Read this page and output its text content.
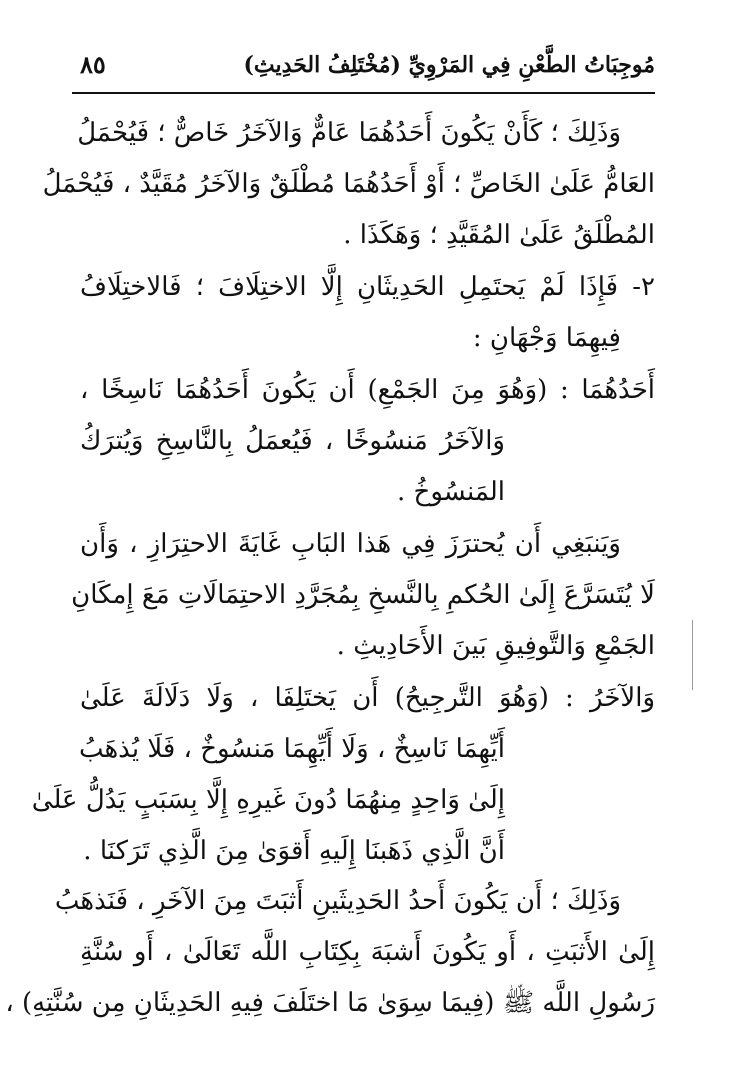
مُوجِبَاتُ الطَّعْنِ فِي المَرْوِيِّ (مُخْتَلِفُ الحَدِيثِ)
٨٥
وَذَلِكَ ؛ كَأَنْ يَكُونَ أَحَدُهُمَا عَامٌّ وَالآخَرُ خَاصٌّ ؛ فَيُحْمَلُ
العَامُّ عَلَىٰ الخَاصِّ ؛ أَوْ أَحَدُهُمَا مُطْلَقٌ وَالآخَرُ مُقَيَّدٌ ، فَيُحْمَلُ
المُطْلَقُ عَلَىٰ المُقَيَّدِ ؛ وَهَكَذَا .
٢- فَإِذَا لَمْ يَحتَمِلِ الحَدِيثَانِ إِلَّا الاختِلَافَ ؛ فَالاختِلَافُ
فِيهِمَا وَجْهَانِ :
أَحَدُهُمَا : (وَهُوَ مِنَ الجَمْعِ) أَن يَكُونَ أَحَدُهُمَا نَاسِخًا ،
وَالآخَرُ مَنسُوخًا ، فَيُعمَلُ بِالنَّاسِخِ وَيُترَكُ
المَنسُوخُ .
وَيَنبَغِي أَن يُحترَزَ فِي هَذا البَابِ غَايَةَ الاحتِرَازِ ، وَأَن
لَا يُتَسَرَّعَ إِلَىٰ الحُكمِ بِالنَّسخِ بِمُجَرَّدِ الاحتِمَالَاتِ مَعَ إِمكَانِ
الجَمْعِ وَالتَّوفِيقِ بَينَ الأَحَادِيثِ .
وَالآخَرُ : (وَهُوَ التَّرجِيحُ) أَن يَختَلِفَا ، وَلَا دَلَالَةَ عَلَىٰ
أَيِّهِمَا نَاسِخٌ ، وَلَا أَيِّهِمَا مَنسُوخٌ ، فَلَا يُذهَبُ
إِلَىٰ وَاحِدٍ مِنهُمَا دُونَ غَيرِهِ إِلَّا بِسَبَبٍ يَدُلُّ عَلَىٰ
أَنَّ الَّذِي ذَهَبنَا إِلَيهِ أَقوَىٰ مِنَ الَّذِي تَرَكنَا .
وَذَلِكَ ؛ أَن يَكُونَ أَحدُ الحَدِيثَينِ أَثبَتَ مِنَ الآخَرِ ، فَنَذهَبُ
إِلَىٰ الأَثبَتِ ، أَو يَكُونَ أَشبَهَ بِكِتَابِ اللَّه تَعَالَىٰ ، أَو سُنَّةِ
رَسُولِ اللَّه ﷺ (فِيمَا سِوَىٰ مَا اختَلَفَ فِيهِ الحَدِيثَانِ مِن سُنَّتِهِ) ،
